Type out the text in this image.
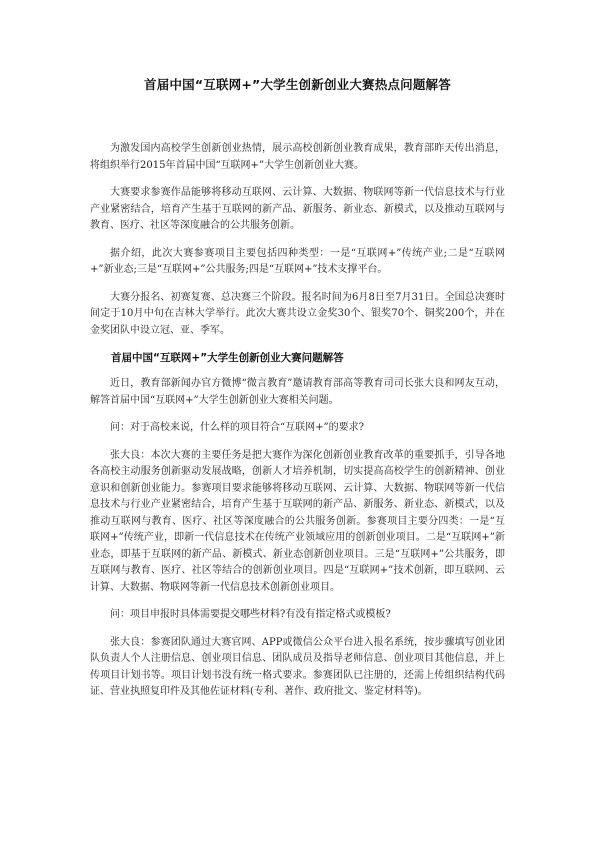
首届中国“互联网+”大学生创新创业大赛热点问题解答

为激发国内高校学生创新创业热情，展示高校创新创业教育成果，教育部昨天传出消息，将组织举行2015年首届中国“互联网+”大学生创新创业大赛。

大赛要求参赛作品能够将移动互联网、云计算、大数据、物联网等新一代信息技术与行业产业紧密结合，培育产生基于互联网的新产品、新服务、新业态、新模式，以及推动互联网与教育、医疗、社区等深度融合的公共服务创新。

据介绍，此次大赛参赛项目主要包括四种类型：一是“互联网+”传统产业;二是“互联网+”新业态;三是“互联网+”公共服务;四是“互联网+”技术支撑平台。

大赛分报名、初赛复赛、总决赛三个阶段。报名时间为6月8日至7月31日。全国总决赛时间定于10月中旬在吉林大学举行。此次大赛共设立金奖30个、银奖70个、铜奖200个，并在金奖团队中设立冠、亚、季军。

首届中国“互联网+”大学生创新创业大赛问题解答

近日，教育部新闻办官方微博“微言教育”邀请教育部高等教育司司长张大良和网友互动，解答首届中国“互联网+”大学生创新创业大赛相关问题。

问：对于高校来说，什么样的项目符合“互联网+”的要求?

张大良：本次大赛的主要任务是把大赛作为深化创新创业教育改革的重要抓手，引导各地各高校主动服务创新驱动发展战略，创新人才培养机制，切实提高高校学生的创新精神、创业意识和创新创业能力。参赛项目要求能够将移动互联网、云计算、大数据、物联网等新一代信息技术与行业产业紧密结合，培育产生基于互联网的新产品、新服务、新业态、新模式，以及推动互联网与教育、医疗、社区等深度融合的公共服务创新。参赛项目主要分四类：一是“互联网+”传统产业，即新一代信息技术在传统产业领域应用的创新创业项目。二是“互联网+”新业态，即基于互联网的新产品、新模式、新业态创新创业项目。三是“互联网+”公共服务，即互联网与教育、医疗、社区等结合的创新创业项目。四是“互联网+”技术创新，即互联网、云计算、大数据、物联网等新一代信息技术创新创业项目。

问：项目申报时具体需要提交哪些材料?有没有指定格式或模板?

张大良：参赛团队通过大赛官网、APP或微信公众平台进入报名系统，按步骤填写创业团队负责人个人注册信息、创业项目信息、团队成员及指导老师信息、创业项目其他信息，并上传项目计划书等。项目计划书没有统一格式要求。参赛团队已注册的，还需上传组织结构代码证、营业执照复印件及其他佐证材料(专利、著作、政府批文、鉴定材料等)。
